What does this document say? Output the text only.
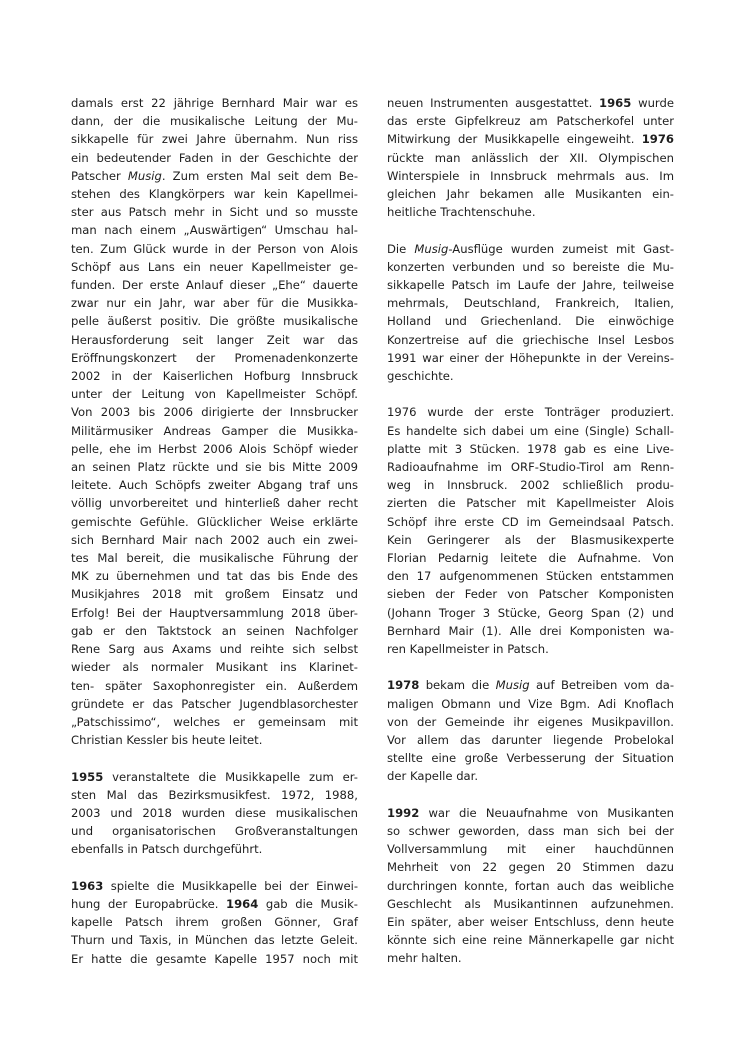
damals erst 22 jährige Bernhard Mair war es
dann, der die musikalische Leitung der Mu-
sikkapelle für zwei Jahre übernahm. Nun riss
ein bedeutender Faden in der Geschichte der
Patscher Musig. Zum ersten Mal seit dem Be-
stehen des Klangkörpers war kein Kapellmei-
ster aus Patsch mehr in Sicht und so musste
man nach einem „Auswärtigen“ Umschau hal-
ten. Zum Glück wurde in der Person von Alois
Schöpf aus Lans ein neuer Kapellmeister ge-
funden. Der erste Anlauf dieser „Ehe“ dauerte
zwar nur ein Jahr, war aber für die Musikka-
pelle äußerst positiv. Die größte musikalische
Herausforderung seit langer Zeit war das
Eröffnungskonzert der Promenadenkonzerte
2002 in der Kaiserlichen Hofburg Innsbruck
unter der Leitung von Kapellmeister Schöpf.
Von 2003 bis 2006 dirigierte der Innsbrucker
Militärmusiker Andreas Gamper die Musikka-
pelle, ehe im Herbst 2006 Alois Schöpf wieder
an seinen Platz rückte und sie bis Mitte 2009
leitete. Auch Schöpfs zweiter Abgang traf uns
völlig unvorbereitet und hinterließ daher recht
gemischte Gefühle. Glücklicher Weise erklärte
sich Bernhard Mair nach 2002 auch ein zwei-
tes Mal bereit, die musikalische Führung der
MK zu übernehmen und tat das bis Ende des
Musikjahres 2018 mit großem Einsatz und
Erfolg! Bei der Hauptversammlung 2018 über-
gab er den Taktstock an seinen Nachfolger
Rene Sarg aus Axams und reihte sich selbst
wieder als normaler Musikant ins Klarinet-
ten- später Saxophonregister ein. Außerdem
gründete er das Patscher Jugendblasorchester
„Patschissimo“, welches er gemeinsam mit
Christian Kessler bis heute leitet.

1955 veranstaltete die Musikkapelle zum er-
sten Mal das Bezirksmusikfest. 1972, 1988,
2003 und 2018 wurden diese musikalischen
und organisatorischen Großveranstaltungen
ebenfalls in Patsch durchgeführt.

1963 spielte die Musikkapelle bei der Einwei-
hung der Europabrücke. 1964 gab die Musik-
kapelle Patsch ihrem großen Gönner, Graf
Thurn und Taxis, in München das letzte Geleit.
Er hatte die gesamte Kapelle 1957 noch mit

neuen Instrumenten ausgestattet. 1965 wurde
das erste Gipfelkreuz am Patscherkofel unter
Mitwirkung der Musikkapelle eingeweiht. 1976
rückte man anlässlich der XII. Olympischen
Winterspiele in Innsbruck mehrmals aus. Im
gleichen Jahr bekamen alle Musikanten ein-
heitliche Trachtenschuhe.

Die Musig-Ausflüge wurden zumeist mit Gast-
konzerten verbunden und so bereiste die Mu-
sikkapelle Patsch im Laufe der Jahre, teilweise
mehrmals, Deutschland, Frankreich, Italien,
Holland und Griechenland. Die einwöchige
Konzertreise auf die griechische Insel Lesbos
1991 war einer der Höhepunkte in der Vereins-
geschichte.

1976 wurde der erste Tonträger produziert.
Es handelte sich dabei um eine (Single) Schall-
platte mit 3 Stücken. 1978 gab es eine Live-
Radioaufnahme im ORF-Studio-Tirol am Renn-
weg in Innsbruck. 2002 schließlich produ-
zierten die Patscher mit Kapellmeister Alois
Schöpf ihre erste CD im Gemeindsaal Patsch.
Kein Geringerer als der Blasmusikexperte
Florian Pedarnig leitete die Aufnahme. Von
den 17 aufgenommenen Stücken entstammen
sieben der Feder von Patscher Komponisten
(Johann Troger 3 Stücke, Georg Span (2) und
Bernhard Mair (1). Alle drei Komponisten wa-
ren Kapellmeister in Patsch.

1978 bekam die Musig auf Betreiben vom da-
maligen Obmann und Vize Bgm. Adi Knoflach
von der Gemeinde ihr eigenes Musikpavillon.
Vor allem das darunter liegende Probelokal
stellte eine große Verbesserung der Situation
der Kapelle dar.

1992 war die Neuaufnahme von Musikanten
so schwer geworden, dass man sich bei der
Vollversammlung mit einer hauchdünnen
Mehrheit von 22 gegen 20 Stimmen dazu
durchringen konnte, fortan auch das weibliche
Geschlecht als Musikantinnen aufzunehmen.
Ein später, aber weiser Entschluss, denn heute
könnte sich eine reine Männerkapelle gar nicht
mehr halten.
